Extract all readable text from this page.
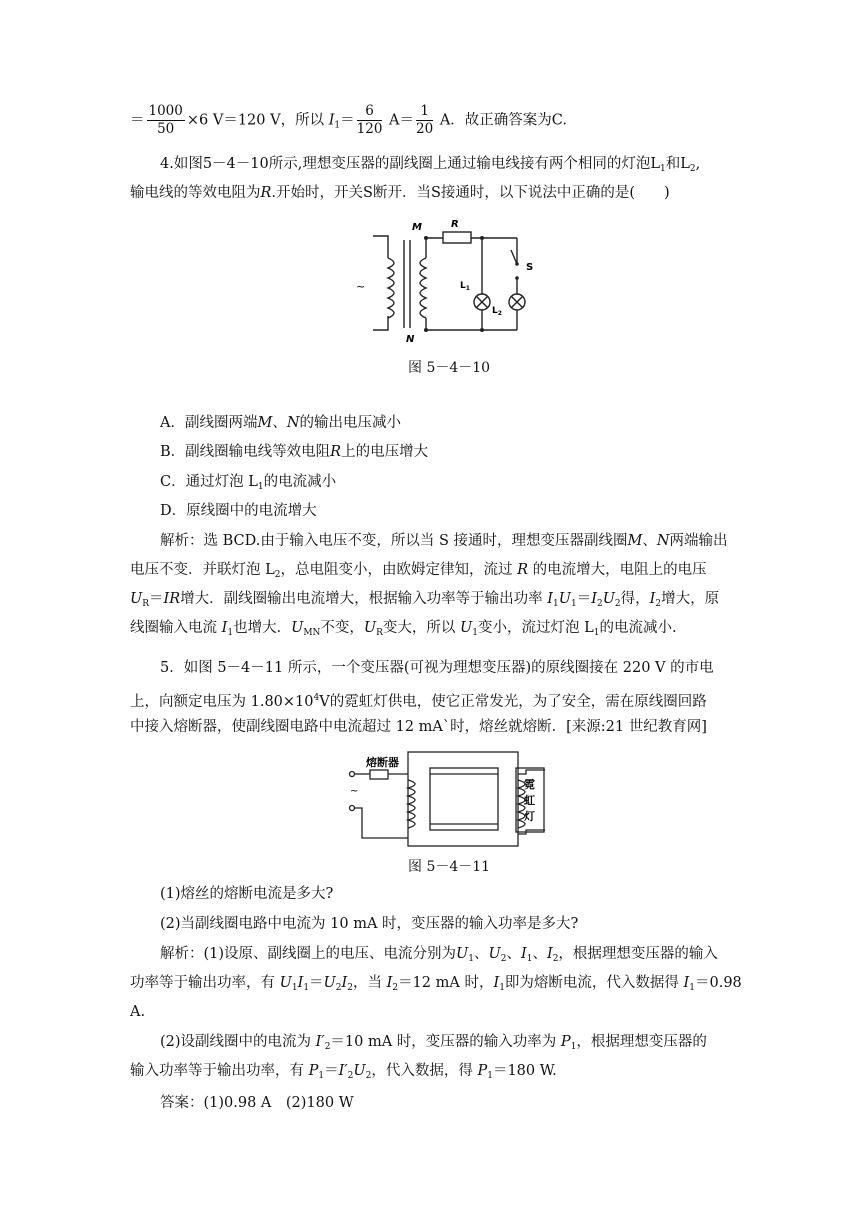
＝ $\frac{1000}{50} \times 6$ V＝120 V，所以 $I_1= \frac{6}{120} A= \frac{1}{20}$ A．故正确答案为C.
4.如图5－4－10所示,理想变压器的副线圈上通过输电线接有两个相同的灯泡$L_1$和$L_2$,
输电线的等效电阻为R.开始时，开关S断开．当S接通时，以下说法中正确的是(　　)
~
M
N
R
S
$L_1$
$L_2$
图 5－4－10
A．副线圈两端M、N的输出电压减小
B．副线圈输电线等效电阻R上的电压增大
C．通过灯泡 $L_1$的电流减小
D．原线圈中的电流增大
解析：选 BCD.由于输入电压不变，所以当 S 接通时，理想变压器副线圈M、N两端输出
电压不变．并联灯泡 $L_2$，总电阻变小，由欧姆定律知，流过 R 的电流增大，电阻上的电压
$U_R=IR$增大．副线圈输出电流增大，根据输入功率等于输出功率 $I_1U_1=I_2U_2$得，$I_2$增大，原
线圈输入电流 $I_1$也增大．$U_{MN}$不变，$U_R$变大，所以 $U_1$变小，流过灯泡 $L_1$的电流减小.
5．如图 5－4－11 所示，一个变压器(可视为理想变压器)的原线圈接在 220 V 的市电
上，向额定电压为 $1.80\times 10^4V$的霓虹灯供电，使它正常发光，为了安全，需在原线圈回路
中接入熔断器，使副线圈电路中电流超过 12 mA`时，熔丝就熔断．[来源:21 世纪教育网]
~
熔断器
霓
虹
灯
图 5－4－11
(1)熔丝的熔断电流是多大?
(2)当副线圈电路中电流为 10 mA 时，变压器的输入功率是多大?
解析：(1)设原、副线圈上的电压、电流分别为$U_1$、$U_2$、$I_1$、$I_2$，根据理想变压器的输入
功率等于输出功率，有 $U_1I_1=U_2I_2$，当 $I_2=12$ mA 时，$I_1$即为熔断电流，代入数据得 $I_1=0.98$
A.
(2)设副线圈中的电流为 $I'_2=10$ mA 时，变压器的输入功率为 $P_1$，根据理想变压器的
输入功率等于输出功率，有 $P_1=I'_2U_2$，代入数据，得 $P_1=180$ W.
答案：(1)0.98 A　(2)180 W
